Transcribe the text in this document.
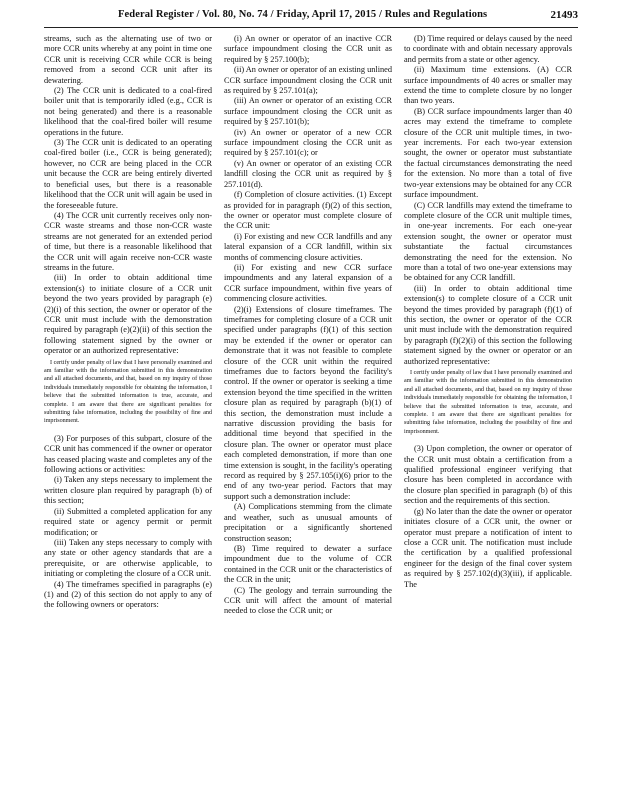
Federal Register / Vol. 80, No. 74 / Friday, April 17, 2015 / Rules and Regulations	21493

streams, such as the alternating use of two or more CCR units whereby at any point in time one CCR unit is receiving CCR while CCR is being removed from a second CCR unit after its dewatering.

(2) The CCR unit is dedicated to a coal-fired boiler unit that is temporarily idled (e.g., CCR is not being generated) and there is a reasonable likelihood that the coal-fired boiler will resume operations in the future.

(3) The CCR unit is dedicated to an operating coal-fired boiler (i.e., CCR is being generated); however, no CCR are being placed in the CCR unit because the CCR are being entirely diverted to beneficial uses, but there is a reasonable likelihood that the CCR unit will again be used in the foreseeable future.

(4) The CCR unit currently receives only non-CCR waste streams and those non-CCR waste streams are not generated for an extended period of time, but there is a reasonable likelihood that the CCR unit will again receive non-CCR waste streams in the future.

(iii) In order to obtain additional time extension(s) to initiate closure of a CCR unit beyond the two years provided by paragraph (e)(2)(i) of this section, the owner or operator of the CCR unit must include with the demonstration required by paragraph (e)(2)(ii) of this section the following statement signed by the owner or operator or an authorized representative:

I certify under penalty of law that I have personally examined and am familiar with the information submitted in this demonstration and all attached documents, and that, based on my inquiry of those individuals immediately responsible for obtaining the information, I believe that the submitted information is true, accurate, and complete. I am aware that there are significant penalties for submitting false information, including the possibility of fine and imprisonment.

(3) For purposes of this subpart, closure of the CCR unit has commenced if the owner or operator has ceased placing waste and completes any of the following actions or activities:

(i) Taken any steps necessary to implement the written closure plan required by paragraph (b) of this section;

(ii) Submitted a completed application for any required state or agency permit or permit modification; or

(iii) Taken any steps necessary to comply with any state or other agency standards that are a prerequisite, or are otherwise applicable, to initiating or completing the closure of a CCR unit.

(4) The timeframes specified in paragraphs (e)(1) and (2) of this section do not apply to any of the following owners or operators:

(i) An owner or operator of an inactive CCR surface impoundment closing the CCR unit as required by § 257.100(b);

(ii) An owner or operator of an existing unlined CCR surface impoundment closing the CCR unit as required by § 257.101(a);

(iii) An owner or operator of an existing CCR surface impoundment closing the CCR unit as required by § 257.101(b);

(iv) An owner or operator of a new CCR surface impoundment closing the CCR unit as required by § 257.101(c); or

(v) An owner or operator of an existing CCR landfill closing the CCR unit as required by § 257.101(d).

(f) Completion of closure activities. (1) Except as provided for in paragraph (f)(2) of this section, the owner or operator must complete closure of the CCR unit:

(i) For existing and new CCR landfills and any lateral expansion of a CCR landfill, within six months of commencing closure activities.

(ii) For existing and new CCR surface impoundments and any lateral expansion of a CCR surface impoundment, within five years of commencing closure activities.

(2)(i) Extensions of closure timeframes. The timeframes for completing closure of a CCR unit specified under paragraphs (f)(1) of this section may be extended if the owner or operator can demonstrate that it was not feasible to complete closure of the CCR unit within the required timeframes due to factors beyond the facility's control. If the owner or operator is seeking a time extension beyond the time specified in the written closure plan as required by paragraph (b)(1) of this section, the demonstration must include a narrative discussion providing the basis for additional time beyond that specified in the closure plan. The owner or operator must place each completed demonstration, if more than one time extension is sought, in the facility's operating record as required by § 257.105(i)(6) prior to the end of any two-year period. Factors that may support such a demonstration include:

(A) Complications stemming from the climate and weather, such as unusual amounts of precipitation or a significantly shortened construction season;

(B) Time required to dewater a surface impoundment due to the volume of CCR contained in the CCR unit or the characteristics of the CCR in the unit;

(C) The geology and terrain surrounding the CCR unit will affect the amount of material needed to close the CCR unit; or

(D) Time required or delays caused by the need to coordinate with and obtain necessary approvals and permits from a state or other agency.

(ii) Maximum time extensions. (A) CCR surface impoundments of 40 acres or smaller may extend the time to complete closure by no longer than two years.

(B) CCR surface impoundments larger than 40 acres may extend the timeframe to complete closure of the CCR unit multiple times, in two-year increments. For each two-year extension sought, the owner or operator must substantiate the factual circumstances demonstrating the need for the extension. No more than a total of five two-year extensions may be obtained for any CCR surface impoundment.

(C) CCR landfills may extend the timeframe to complete closure of the CCR unit multiple times, in one-year increments. For each one-year extension sought, the owner or operator must substantiate the factual circumstances demonstrating the need for the extension. No more than a total of two one-year extensions may be obtained for any CCR landfill.

(iii) In order to obtain additional time extension(s) to complete closure of a CCR unit beyond the times provided by paragraph (f)(1) of this section, the owner or operator of the CCR unit must include with the demonstration required by paragraph (f)(2)(i) of this section the following statement signed by the owner or operator or an authorized representative:

I certify under penalty of law that I have personally examined and am familiar with the information submitted in this demonstration and all attached documents, and that, based on my inquiry of those individuals immediately responsible for obtaining the information, I believe that the submitted information is true, accurate, and complete. I am aware that there are significant penalties for submitting false information, including the possibility of fine and imprisonment.

(3) Upon completion, the owner or operator of the CCR unit must obtain a certification from a qualified professional engineer verifying that closure has been completed in accordance with the closure plan specified in paragraph (b) of this section and the requirements of this section.

(g) No later than the date the owner or operator initiates closure of a CCR unit, the owner or operator must prepare a notification of intent to close a CCR unit. The notification must include the certification by a qualified professional engineer for the design of the final cover system as required by § 257.102(d)(3)(iii), if applicable. The
